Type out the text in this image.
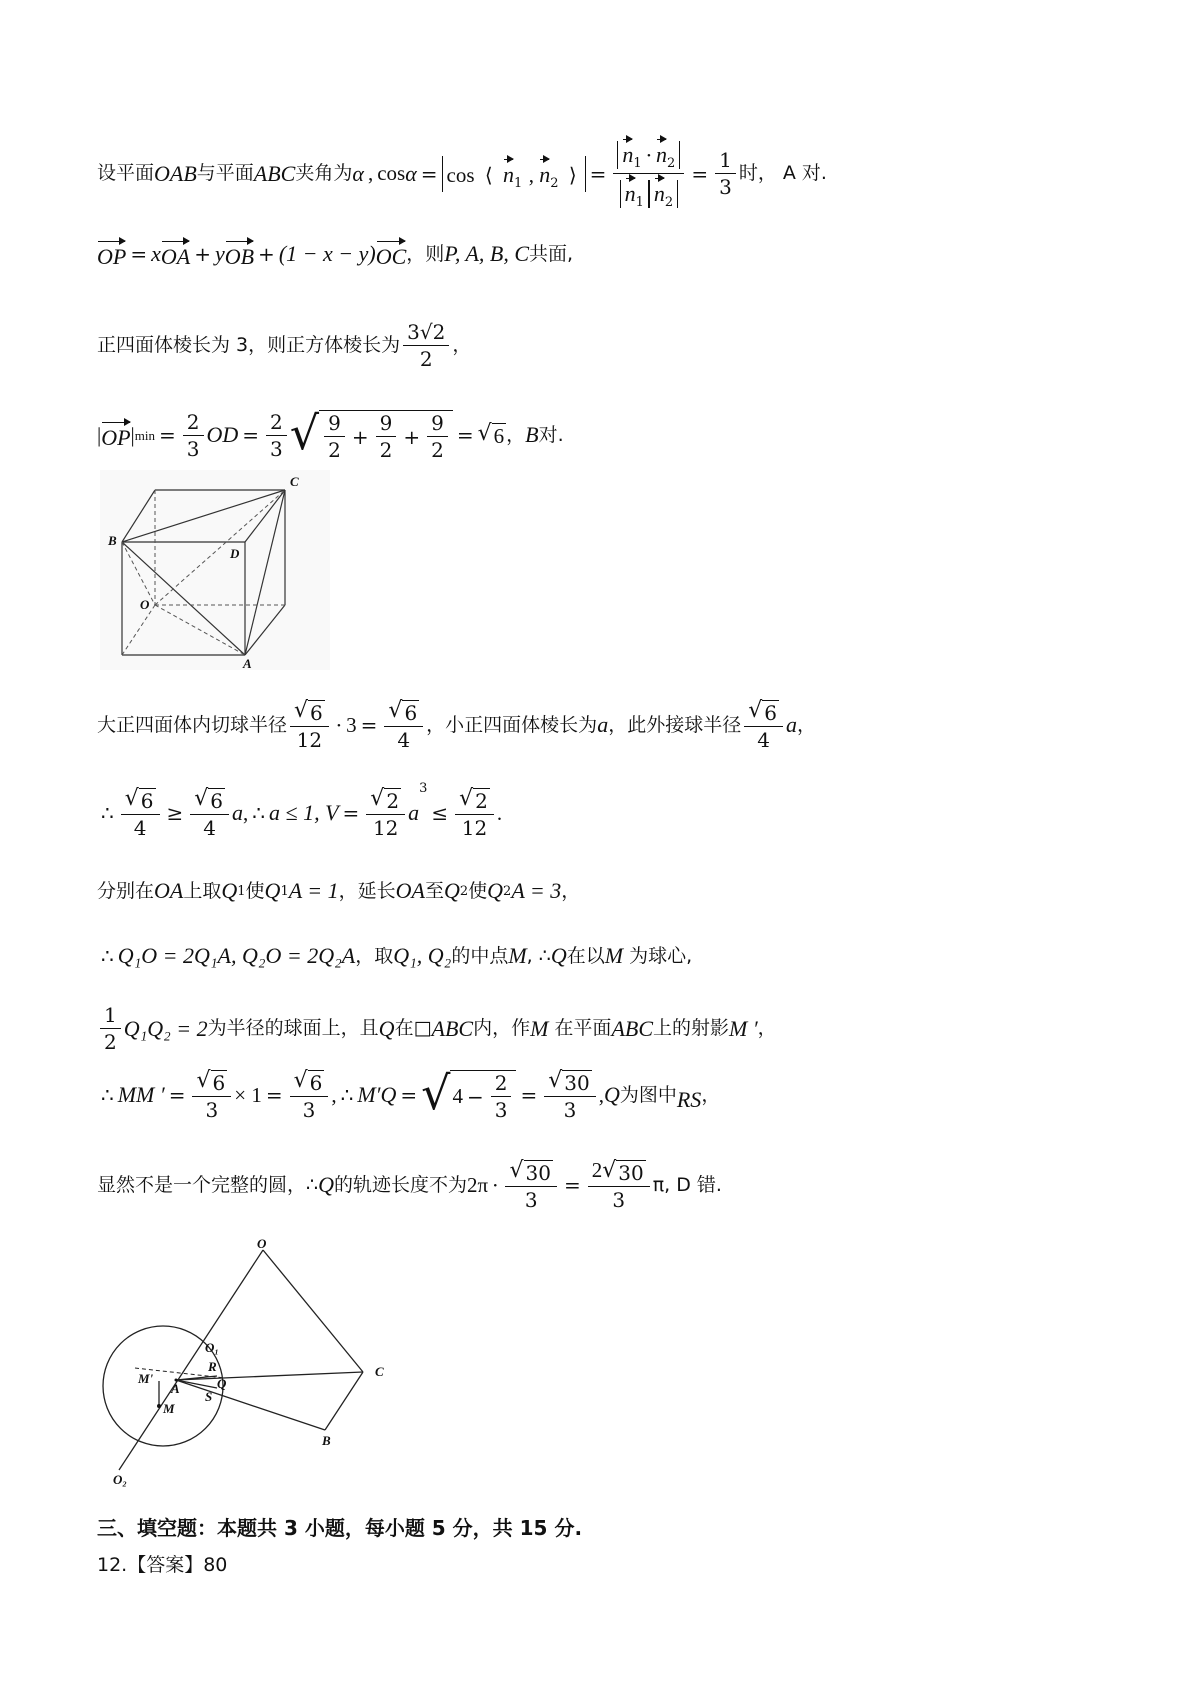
设平面 OAB 与平面 ABC 夹角为 α , cos α = cos ⟨ $n_1$ , $n_2$ ⟩ = $\frac{n_1 \cdot n_2}{n_1 n_2} = \frac{1}{3}$ 时， A 对.
OP = x OA + y OB + (1 − x − y) OC ，则 P, A, B, C 共面,
正四面体棱长为 3，则正方体棱长为 $\frac{3√2}{2}$ ，
| OP | $\min = \frac{2}{3}$ OD = $\frac{2}{3}$ √ $\frac{9}{2} + \frac{9}{2} + \frac{9}{2}$ = √ 6 ， B 对.
C
B
D
O
A
大正四面体内切球半径 $\frac{√ 6}{12} \cdot 3 = \frac{√ 6}{4}$ ，小正四面体棱长为 a ，此外接球半径 $\frac{√ 6}{4}$ a ，
∴ $\frac{√ 6}{4} \ge \frac{√ 6}{4}$ a , ∴ a ≤ 1, $V = \frac{√ 2}{12}$ a
3
≤ $\frac{√ 2}{12}$ .
分别在 OA 上取 Q 1 使 Q 1 A = 1 ，延长 OA 至 Q 2 使 Q 2 A = 3 ，
∴ Q₁O = 2Q₁A, Q₂O = 2Q₂A ，取 Q₁, Q₂ 的中点 M , ∴ Q 在以 M 为球心,
$\frac{1}{2} Q_1Q_2 = 2$ 为半径的球面上，且 Q 在□ ABC 内，作 M 在平面 ABC 上的射影 M ′ ，
∴ MM ′ = $\frac{√ 6}{3} \times 1 = \frac{√ 6}{3}$ , ∴ M′Q = √ $4 - \frac{2}{3} = \frac{√ 30}{3}$ , Q 为图中 RS ，
显然不是一个完整的圆，∴ Q 的轨迹长度不为 $2\pi \cdot \frac{√ 30}{3} = \frac{2 √ 30}{3} \pi$, D 错.
O
O₁
O₂
M'
M
A
R
Q
S
C
B
三、填空题：本题共 3 小题，每小题 5 分，共 15 分.
12.【答案】80
